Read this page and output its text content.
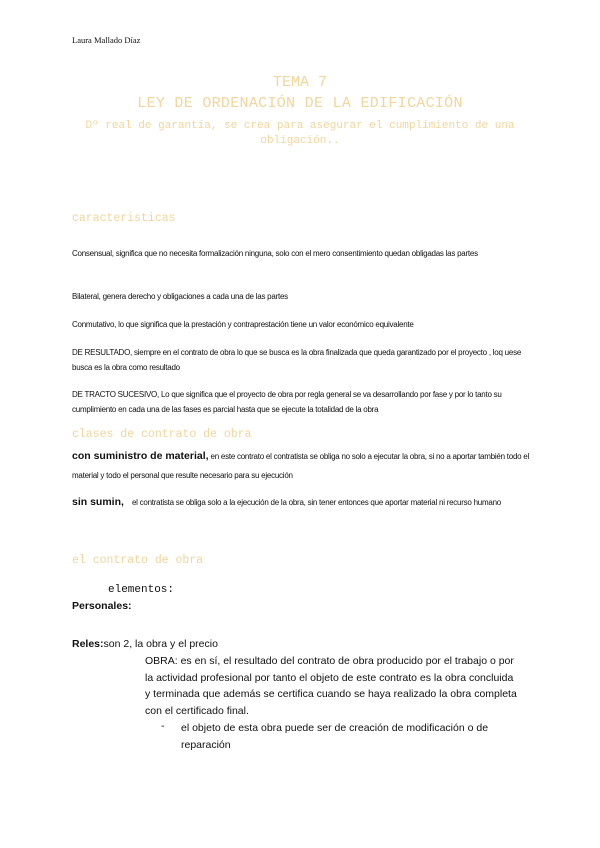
Laura Mallado Díaz
TEMA 7
LEY DE ORDENACIÓN DE LA EDIFICACIÓN
Dº real de garantía, se crea para asegurar el cumplimiento de una obligación..
caracteristicas
Consensual, significa que no necesita formalización ninguna, solo con el mero consentimiento quedan obligadas las partes
Bilateral, genera derecho y obligaciones a cada una de las partes
Conmutativo, lo que significa que la prestación y contraprestación tiene un valor económico equivalente
DE RESULTADO, siempre en el contrato de obra lo que se busca es la obra finalizada que queda garantizado por el proyecto , loq uese busca es la obra como resultado
DE TRACTO SUCESIVO, Lo que significa que el proyecto de obra por regla general se va desarrollando por fase y por lo tanto su cumplimiento en cada una de las fases es parcial hasta que se ejecute la totalidad de la obra
clases de contrato de obra
con suministro de material, en este contrato el contratista se obliga no solo a ejecutar la obra, si no a aportar también todo el material y todo el personal que resulte necesario para su ejecución
sin sumin, el contratista se obliga solo a la ejecución de la obra, sin tener entonces que aportar material ni recurso humano
el contrato de obra
elementos:
Personales:
Reles:son 2, la obra y el precio
OBRA: es en sí, el resultado del contrato de obra producido por el trabajo o por la actividad profesional por tanto el objeto de este contrato es la obra concluida y terminada que además se certifica cuando se haya realizado la obra completa con el certificado final.
- el objeto de esta obra puede ser de creación de modificación o de reparación
